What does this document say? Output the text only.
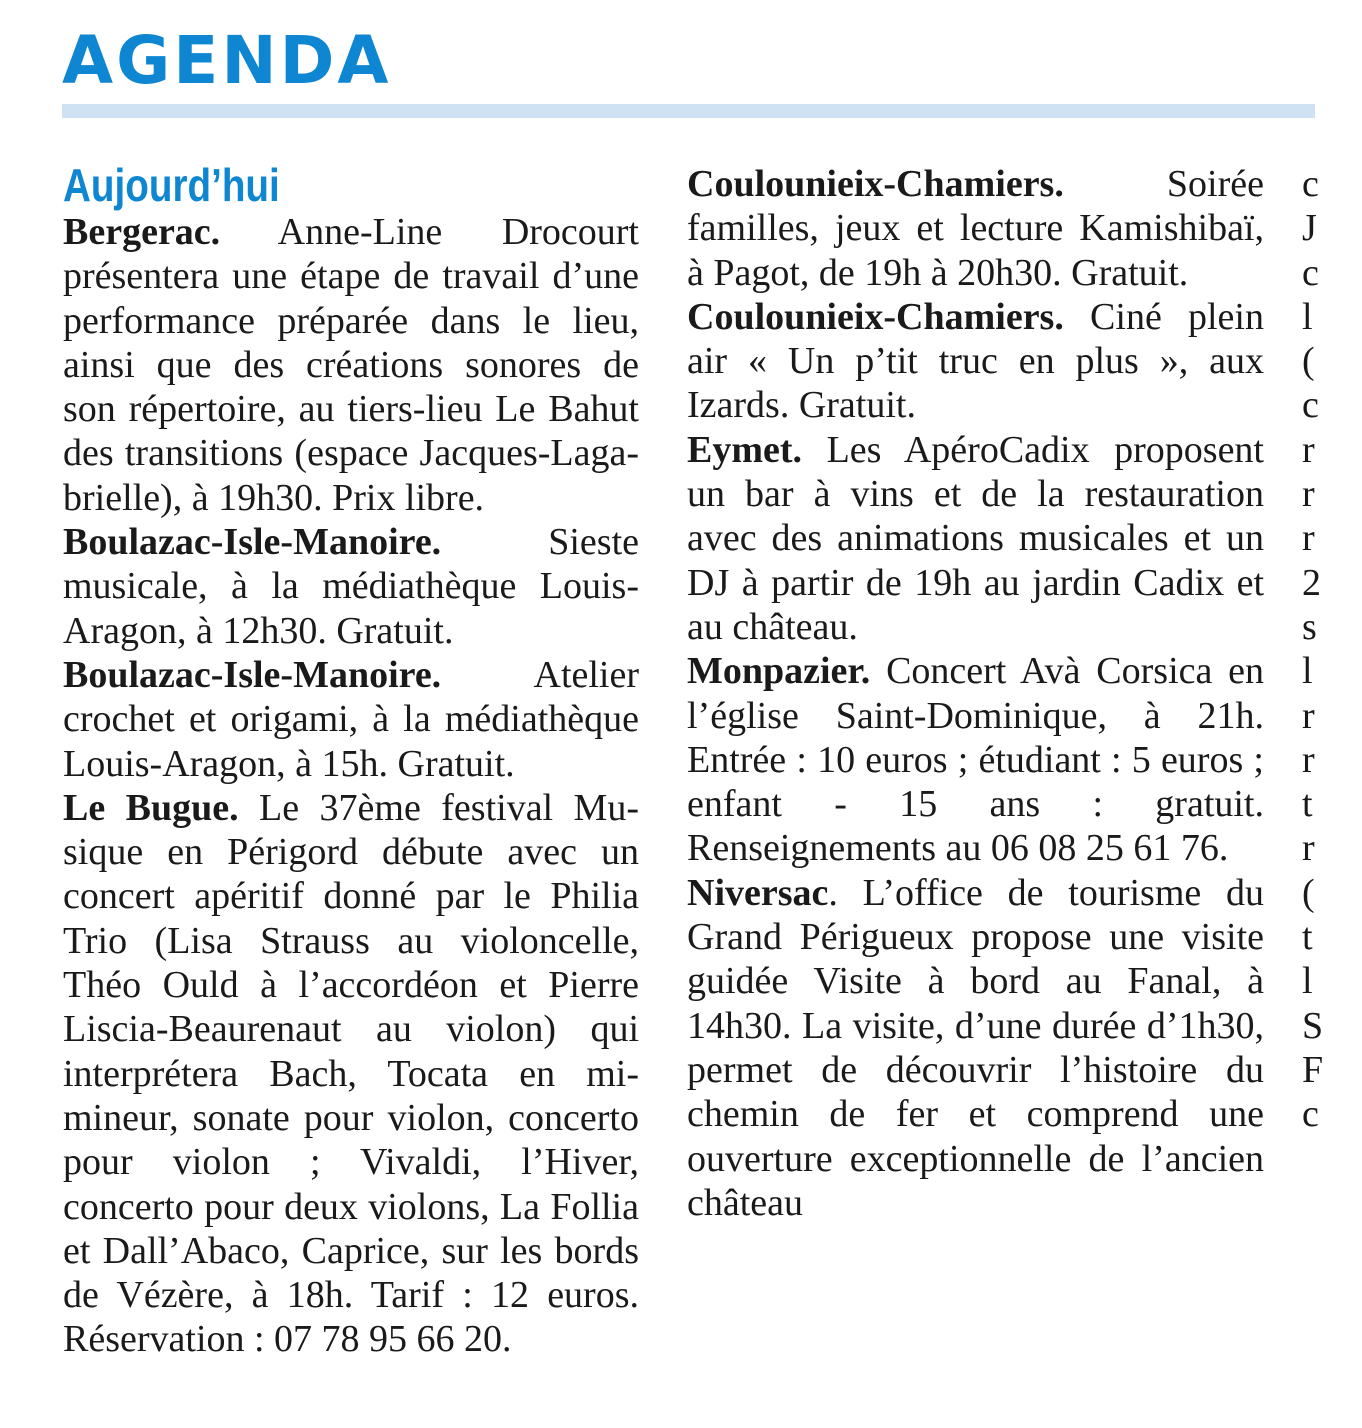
AGENDA
Aujourd’hui

Bergerac. Anne-Line Drocourt présentera une étape de travail d’une performance préparée dans le lieu, ainsi que des créations sonores de son répertoire, au tiers-lieu Le Bahut des transitions (espace Jacques-Lagabrielle), à 19h30. Prix libre.

Boulazac-Isle-Manoire. Sieste musicale, à la médiathèque Louis-Aragon, à 12h30. Gratuit.

Boulazac-Isle-Manoire. Atelier crochet et origami, à la médiathèque Louis-Aragon, à 15h. Gratuit.

Le Bugue. Le 37ème festival Musique en Périgord débute avec un concert apéritif donné par le Philia Trio (Lisa Strauss au violoncelle, Théo Ould à l’accordéon et Pierre Liscia-Beaurenaut au violon) qui interprétera Bach, Tocata en mi-mineur, sonate pour violon, concerto pour violon ; Vivaldi, l’Hiver, concerto pour deux violons, La Follia et Dall’Abaco, Caprice, sur les bords de Vézère, à 18h. Tarif : 12 euros. Réservation : 07 78 95 66 20.

Coulounieix-Chamiers. Soirée familles, jeux et lecture Kamishibaï, à Pagot, de 19h à 20h30. Gratuit.

Coulounieix-Chamiers. Ciné plein air « Un p’tit truc en plus », aux Izards. Gratuit.

Eymet. Les ApéroCadix proposent un bar à vins et de la restauration avec des animations musicales et un DJ à partir de 19h au jardin Cadix et au château.

Monpazier. Concert Avà Corsica en l’église Saint-Dominique, à 21h. Entrée : 10 euros ; étudiant : 5 euros ; enfant - 15 ans : gratuit. Renseignements au 06 08 25 61 76.

Niversac. L’office de tourisme du Grand Périgueux propose une visite guidée Visite à bord au Fanal, à 14h30. La visite, d’une durée d’1h30, permet de découvrir l’histoire du chemin de fer et comprend une ouverture exceptionnelle de l’ancien château

c
J
c
l
(
c
r
r
r
2
s
l
r
r
t
r
(
t
l
S
F
c
